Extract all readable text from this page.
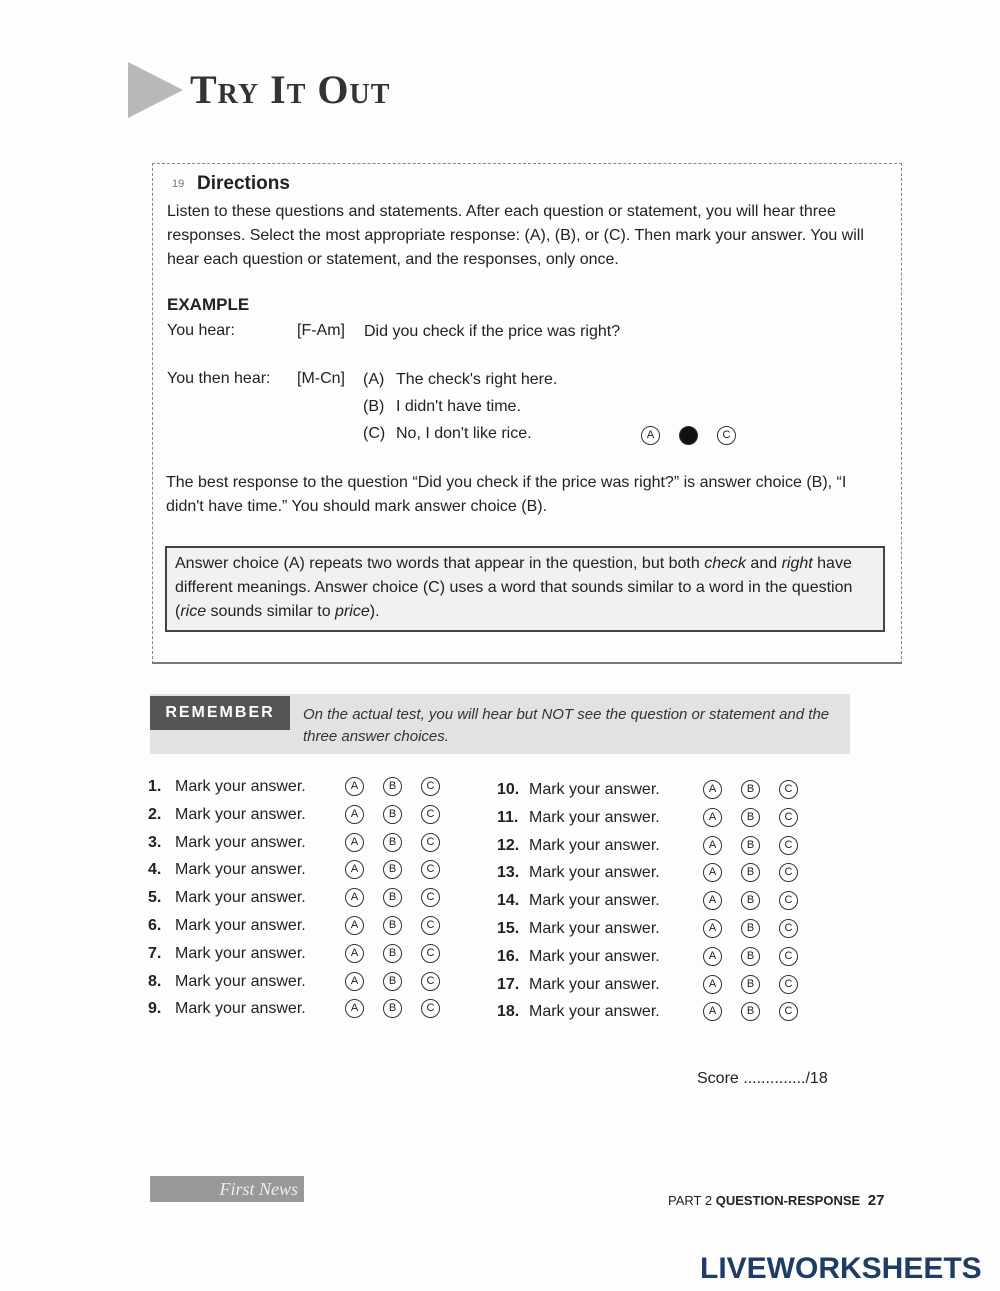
Try It Out
19 Directions
Listen to these questions and statements. After each question or statement, you will hear three responses. Select the most appropriate response: (A), (B), or (C). Then mark your answer. You will hear each question or statement, and the responses, only once.
EXAMPLE
You hear:	[F-Am] Did you check if the price was right?
You then hear: [M-Cn] (A) The check's right here.
(B) I didn't have time.
(C) No, I don't like rice.	A	B	C
The best response to the question “Did you check if the price was right?” is answer choice (B), “I didn't have time.” You should mark answer choice (B).
Answer choice (A) repeats two words that appear in the question, but both check and right have different meanings. Answer choice (C) uses a word that sounds similar to a word in the question (rice sounds similar to price).
REMEMBER	On the actual test, you will hear but NOT see the question or statement and the three answer choices.
1. Mark your answer.	A	B	C
2. Mark your answer.	A	B	C
3. Mark your answer.	A	B	C
4. Mark your answer.	A	B	C
5. Mark your answer.	A	B	C
6. Mark your answer.	A	B	C
7. Mark your answer.	A	B	C
8. Mark your answer.	A	B	C
9. Mark your answer.	A	B	C
10. Mark your answer.	A	B	C
11. Mark your answer.	A	B	C
12. Mark your answer.	A	B	C
13. Mark your answer.	A	B	C
14. Mark your answer.	A	B	C
15. Mark your answer.	A	B	C
16. Mark your answer.	A	B	C
17. Mark your answer.	A	B	C
18. Mark your answer.	A	B	C
Score ............../18
First News
PART 2 QUESTION-RESPONSE 27
LIVEWORKSHEETS
